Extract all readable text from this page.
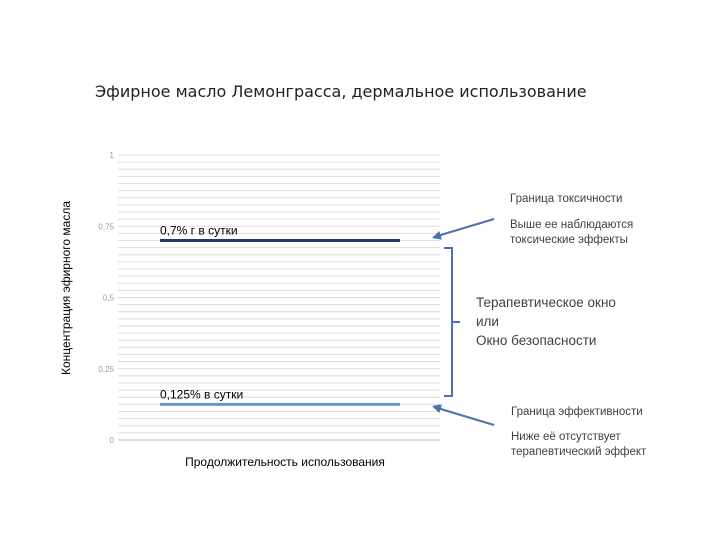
Эфирное масло Лемонграсса, дермальное использование
0
0,25
0,5
0,75
1
Концентрация эфирного масла
Продолжительность использования
0,7% г в сутки
0,125% в сутки
Граница токсичности
Выше ее наблюдаются
токсические эффекты
Терапевтическое окно
или
Окно безопасности
Граница эффективности
Ниже её отсутствует
терапевтический эффект
